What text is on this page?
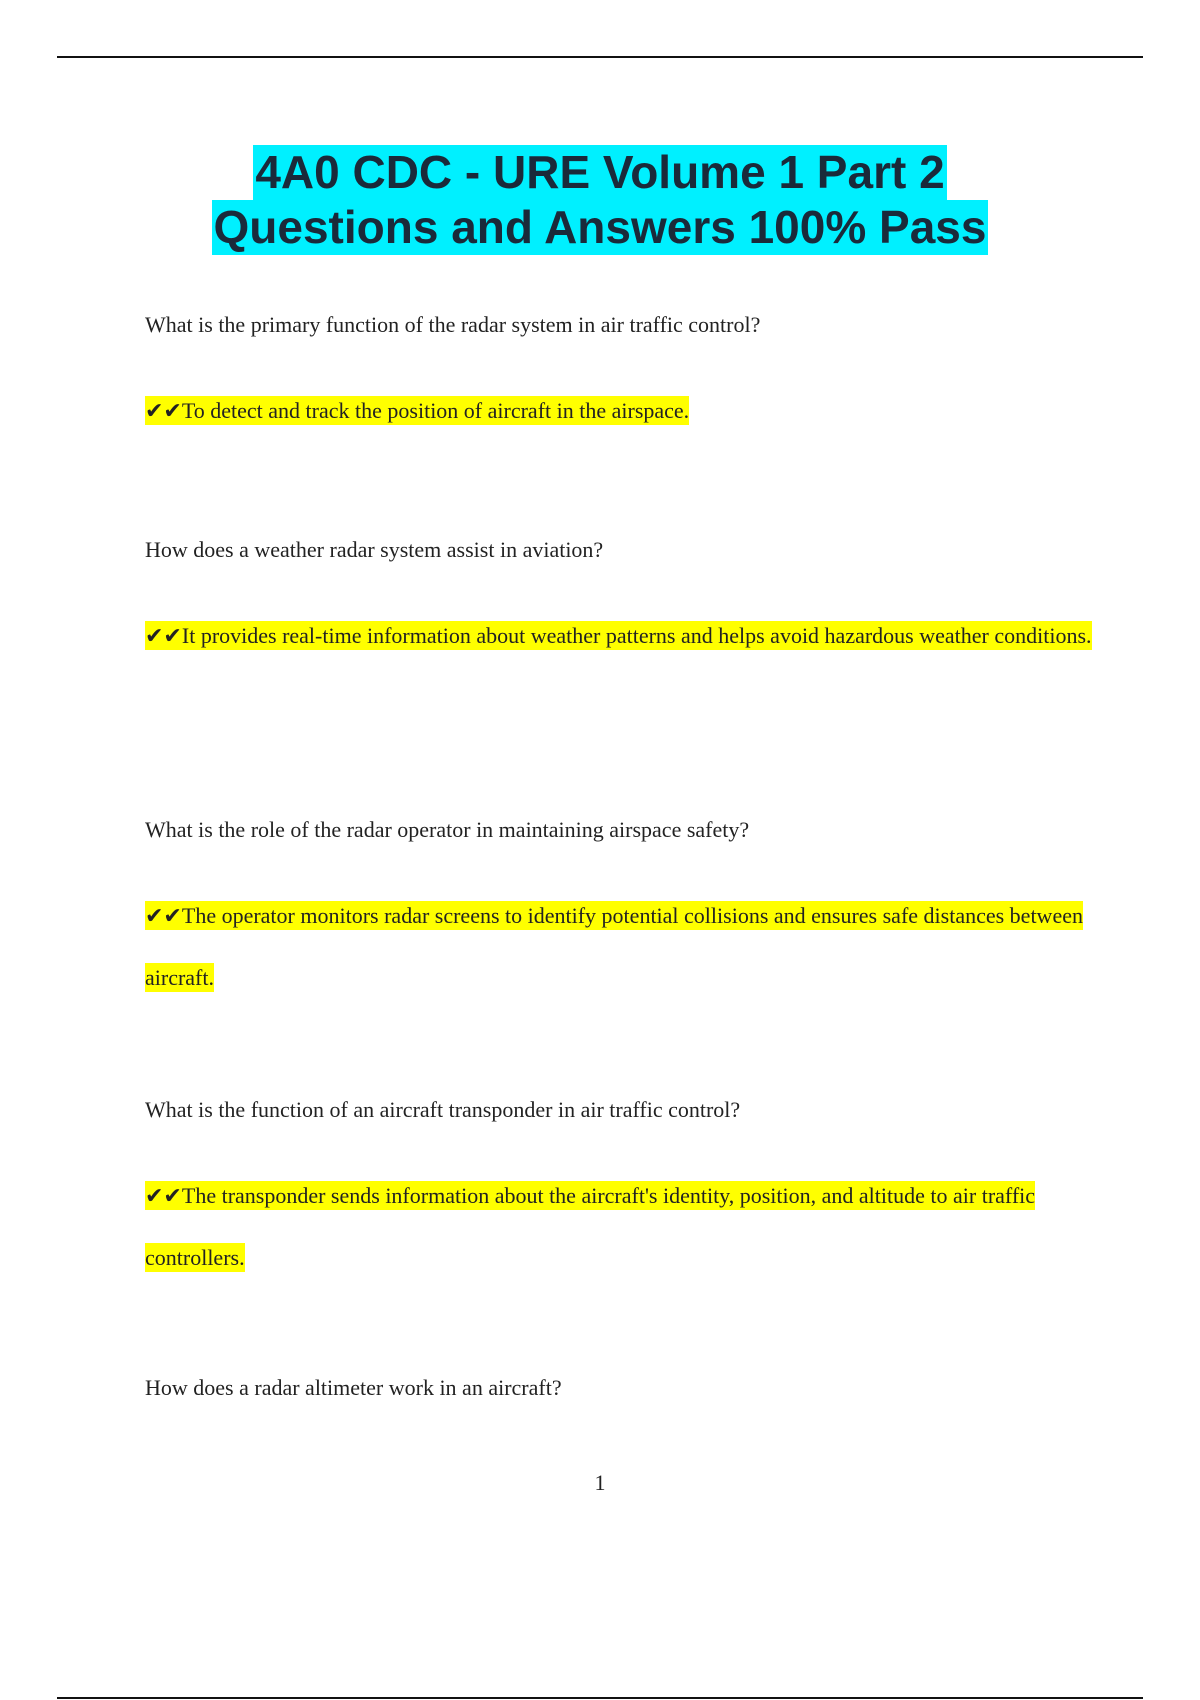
4A0 CDC - URE Volume 1 Part 2
Questions and Answers 100% Pass

What is the primary function of the radar system in air traffic control?

✔✔To detect and track the position of aircraft in the airspace.

How does a weather radar system assist in aviation?

✔✔It provides real-time information about weather patterns and helps avoid hazardous weather conditions.

What is the role of the radar operator in maintaining airspace safety?

✔✔The operator monitors radar screens to identify potential collisions and ensures safe distances between aircraft.

What is the function of an aircraft transponder in air traffic control?

✔✔The transponder sends information about the aircraft's identity, position, and altitude to air traffic controllers.

How does a radar altimeter work in an aircraft?

1
